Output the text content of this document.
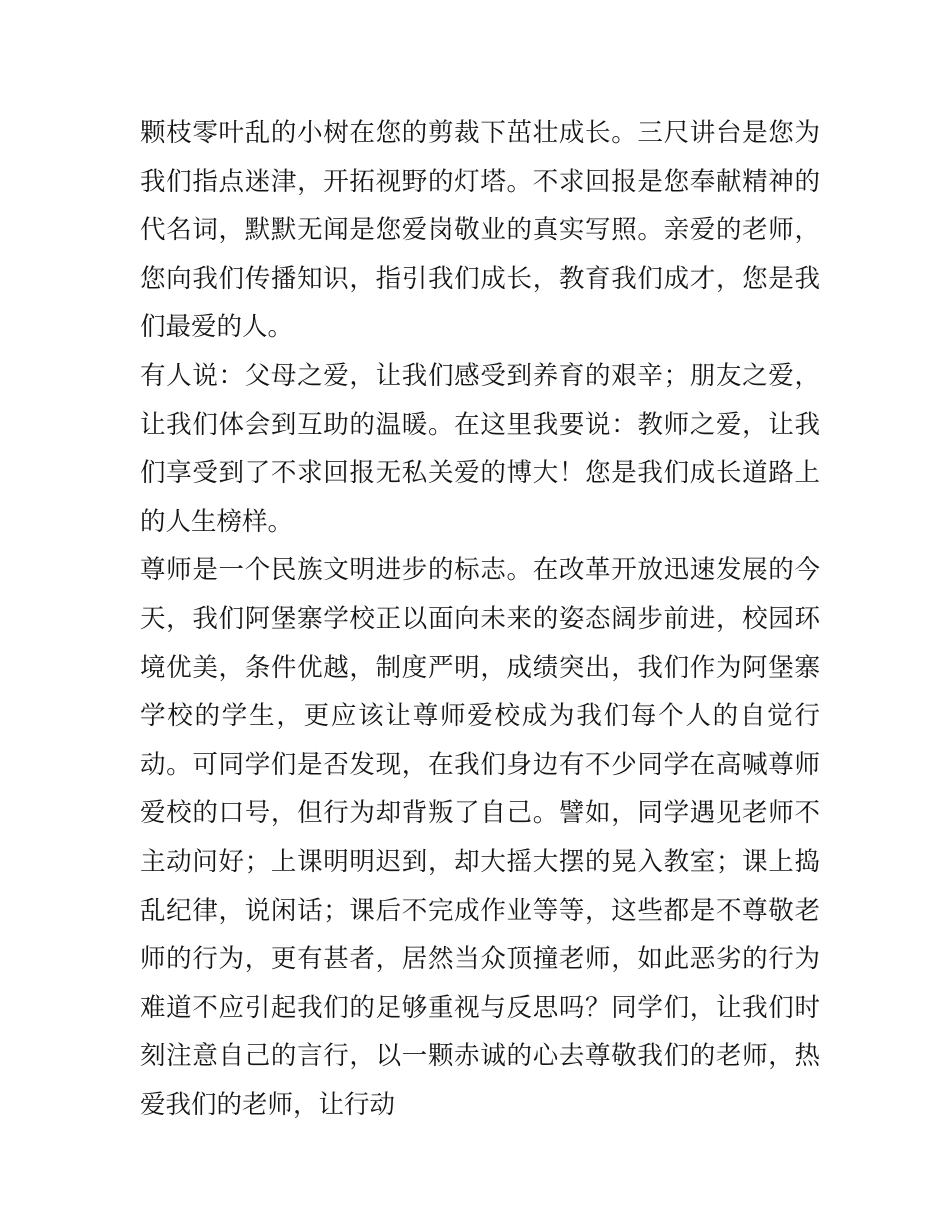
颗枝零叶乱的小树在您的剪裁下茁壮成长。三尺讲台是您为我们指点迷津，开拓视野的灯塔。不求回报是您奉献精神的代名词，默默无闻是您爱岗敬业的真实写照。亲爱的老师，您向我们传播知识，指引我们成长，教育我们成才，您是我们最爱的人。

有人说：父母之爱，让我们感受到养育的艰辛；朋友之爱，让我们体会到互助的温暖。在这里我要说：教师之爱，让我们享受到了不求回报无私关爱的博大！您是我们成长道路上的人生榜样。

尊师是一个民族文明进步的标志。在改革开放迅速发展的今天，我们阿堡寨学校正以面向未来的姿态阔步前进，校园环境优美，条件优越，制度严明，成绩突出，我们作为阿堡寨学校的学生，更应该让尊师爱校成为我们每个人的自觉行动。可同学们是否发现，在我们身边有不少同学在高喊尊师爱校的口号，但行为却背叛了自己。譬如，同学遇见老师不主动问好；上课明明迟到，却大摇大摆的晃入教室；课上捣乱纪律，说闲话；课后不完成作业等等，这些都是不尊敬老师的行为，更有甚者，居然当众顶撞老师，如此恶劣的行为难道不应引起我们的足够重视与反思吗？同学们，让我们时刻注意自己的言行，以一颗赤诚的心去尊敬我们的老师，热爱我们的老师，让行动
